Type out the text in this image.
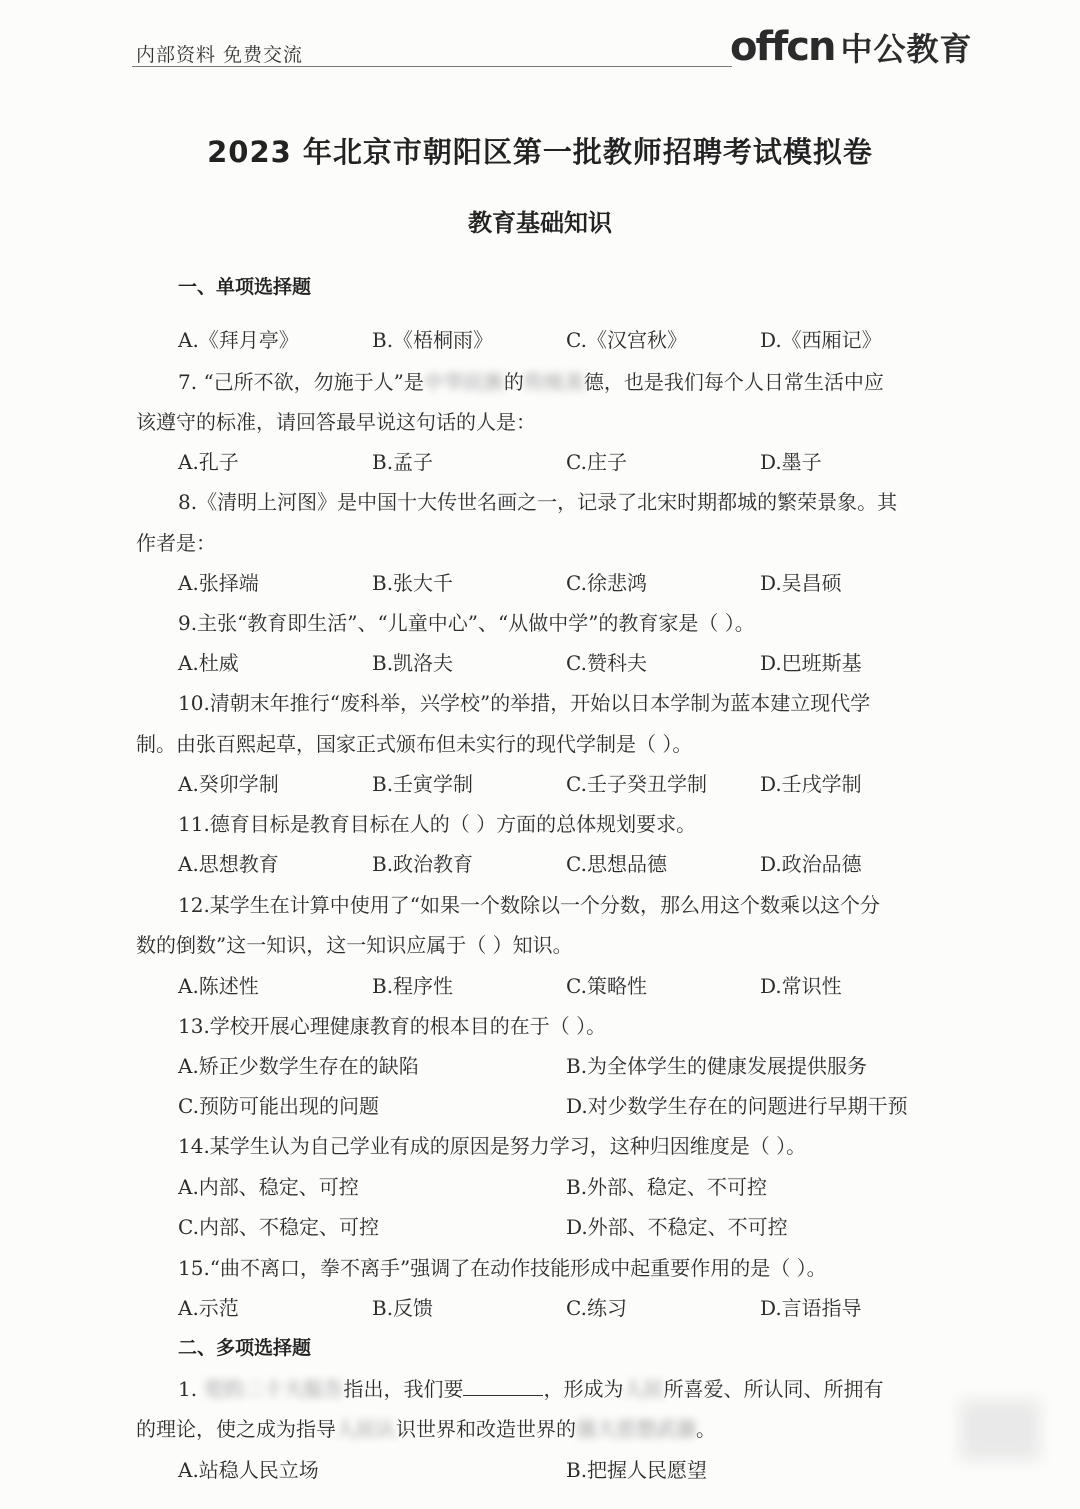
内部资料 免费交流	offcn 中公教育
2023 年北京市朝阳区第一批教师招聘考试模拟卷
教育基础知识
一、单项选择题
A.《拜月亭》	B.《梧桐雨》	C.《汉宫秋》	D.《西厢记》
7. “己所不欲，勿施于人”是中华民族的传统美德，也是我们每个人日常生活中应
该遵守的标准，请回答最早说这句话的人是：
A.孔子	B.孟子	C.庄子	D.墨子
8.《清明上河图》是中国十大传世名画之一，记录了北宋时期都城的繁荣景象。其
作者是：
A.张择端	B.张大千	C.徐悲鸿	D.吴昌硕
9.主张“教育即生活”、“儿童中心”、“从做中学”的教育家是（ ）。
A.杜威	B.凯洛夫	C.赞科夫	D.巴班斯基
10.清朝末年推行“废科举，兴学校”的举措，开始以日本学制为蓝本建立现代学
制。由张百熙起草，国家正式颁布但未实行的现代学制是（ ）。
A.癸卯学制	B.壬寅学制	C.壬子癸丑学制	D.壬戌学制
11.德育目标是教育目标在人的（ ）方面的总体规划要求。
A.思想教育	B.政治教育	C.思想品德	D.政治品德
12.某学生在计算中使用了“如果一个数除以一个分数，那么用这个数乘以这个分
数的倒数”这一知识，这一知识应属于（ ）知识。
A.陈述性	B.程序性	C.策略性	D.常识性
13.学校开展心理健康教育的根本目的在于（ ）。
A.矫正少数学生存在的缺陷	B.为全体学生的健康发展提供服务
C.预防可能出现的问题	D.对少数学生存在的问题进行早期干预
14.某学生认为自己学业有成的原因是努力学习，这种归因维度是（ ）。
A.内部、稳定、可控	B.外部、稳定、不可控
C.内部、不稳定、可控	D.外部、不稳定、不可控
15.“曲不离口，拳不离手”强调了在动作技能形成中起重要作用的是（ ）。
A.示范	B.反馈	C.练习	D.言语指导
二、多项选择题
1. 党的二十大报告指出，我们要	，形成为人民所喜爱、所认同、所拥有
的理论，使之成为指导人民认识世界和改造世界的强大思想武器。
A.站稳人民立场	B.把握人民愿望
